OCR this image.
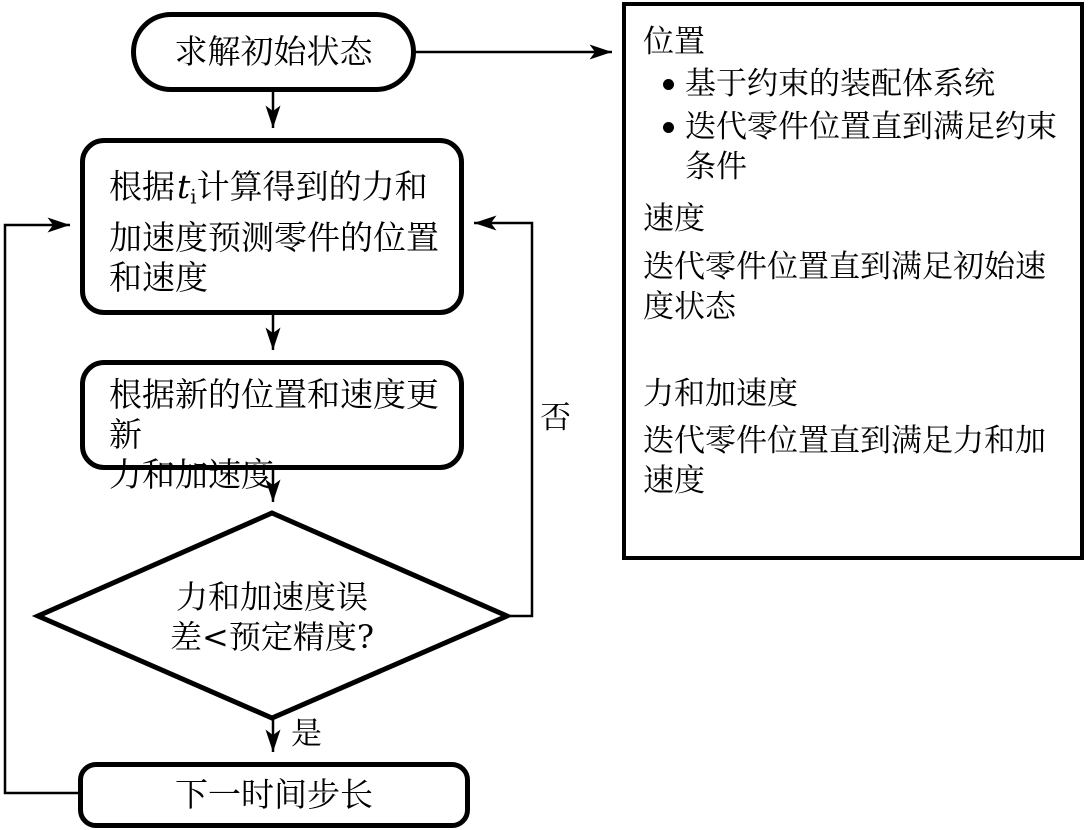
求解初始状态
根据$t_i$计算得到的力和
加速度预测零件的位置
和速度
根据新的位置和速度更新
力和加速度
力和加速度误
差<预定精度?
下一时间步长
否
是
位置
基于约束的装配体系统
迭代零件位置直到满足约束
条件
速度
迭代零件位置直到满足初始速
度状态
力和加速度
迭代零件位置直到满足力和加
速度
